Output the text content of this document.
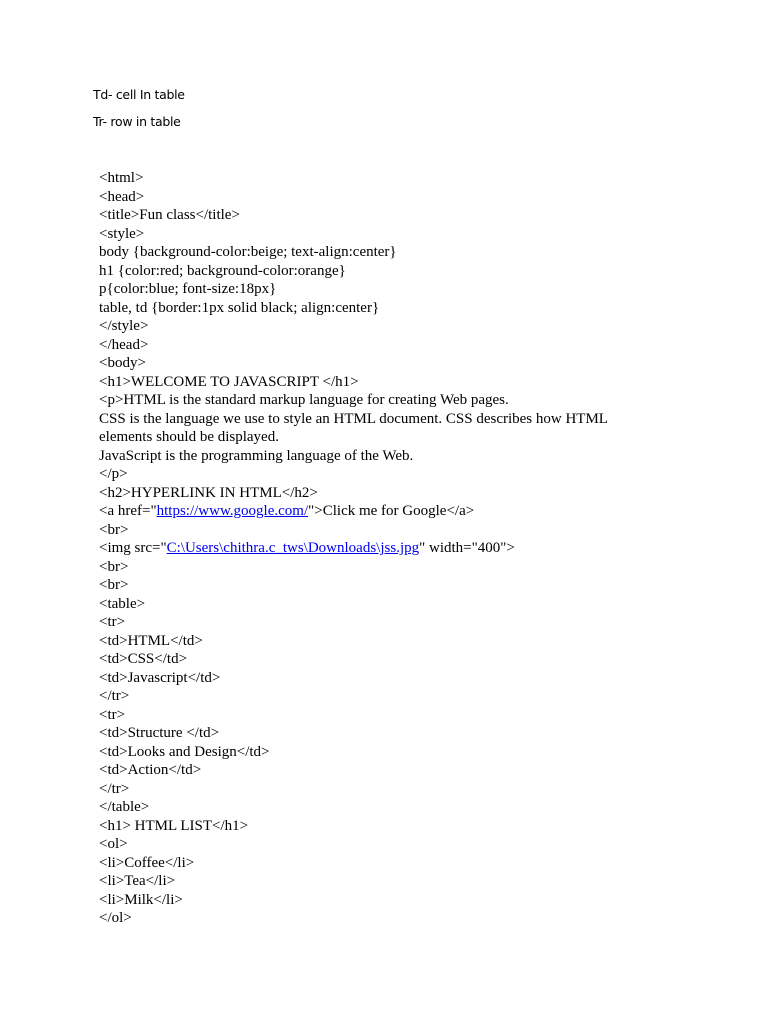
Td- cell In table
Tr- row in table
<html>
<head>
<title>Fun class</title>
<style>
body {background-color:beige; text-align:center}
h1 {color:red; background-color:orange}
p{color:blue; font-size:18px}
table, td {border:1px solid black; align:center}
</style>
</head>
<body>
<h1>WELCOME TO JAVASCRIPT </h1>
<p>HTML is the standard markup language for creating Web pages.
CSS is the language we use to style an HTML document. CSS describes how HTML elements should be displayed.
JavaScript is the programming language of the Web.
</p>
<h2>HYPERLINK IN HTML</h2>
<a href="https://www.google.com/">Click me for Google</a>
<br>
<img src="C:\Users\chithra.c_tws\Downloads\jss.jpg" width="400">
<br>
<br>
<table>
<tr>
<td>HTML</td>
<td>CSS</td>
<td>Javascript</td>
</tr>
<tr>
<td>Structure </td>
<td>Looks and Design</td>
<td>Action</td>
</tr>
</table>
<h1> HTML LIST</h1>
<ol>
<li>Coffee</li>
<li>Tea</li>
<li>Milk</li>
</ol>
